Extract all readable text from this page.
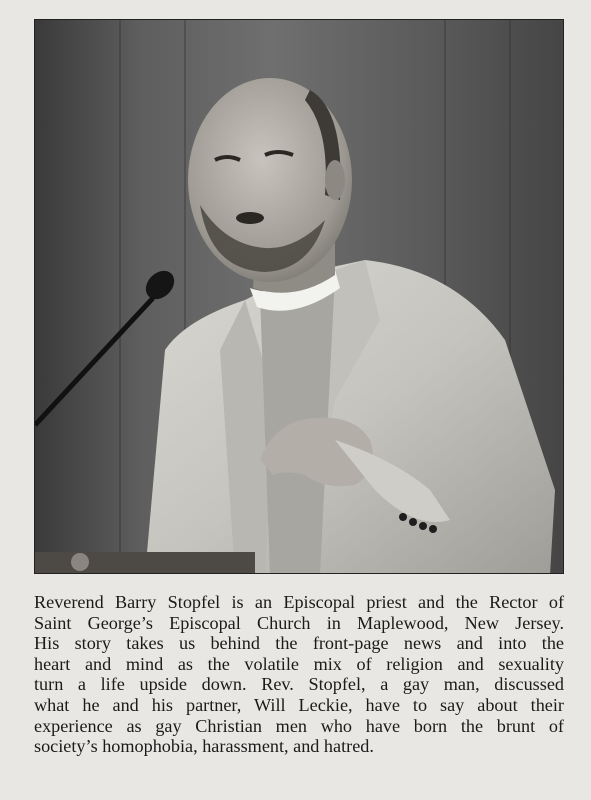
Reverend Barry Stopfel is an Episcopal priest and the Rector of
Saint George’s Episcopal Church in Maplewood, New Jersey.
His story takes us behind the front-page news and into the
heart and mind as the volatile mix of religion and sexuality
turn a life upside down. Rev. Stopfel, a gay man, discussed
what he and his partner, Will Leckie, have to say about their
experience as gay Christian men who have born the brunt of
society’s homophobia, harassment, and hatred.
